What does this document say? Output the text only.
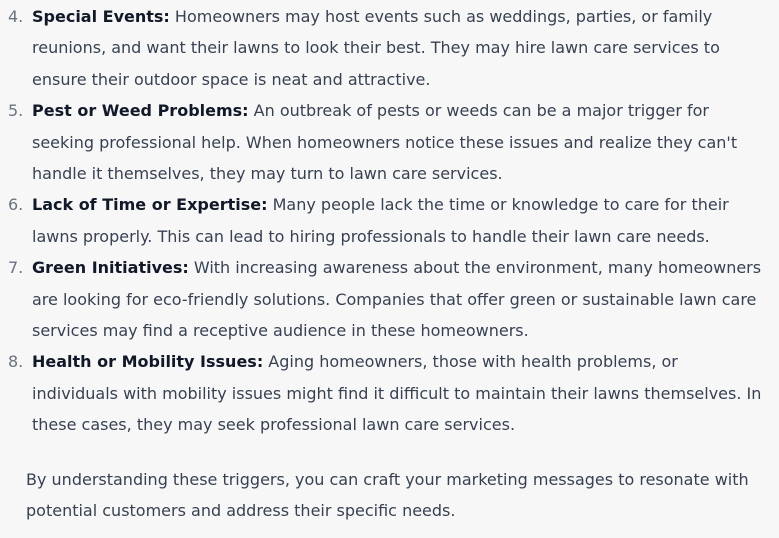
4. Special Events: Homeowners may host events such as weddings, parties, or family reunions, and want their lawns to look their best. They may hire lawn care services to ensure their outdoor space is neat and attractive.
5. Pest or Weed Problems: An outbreak of pests or weeds can be a major trigger for seeking professional help. When homeowners notice these issues and realize they can't handle it themselves, they may turn to lawn care services.
6. Lack of Time or Expertise: Many people lack the time or knowledge to care for their lawns properly. This can lead to hiring professionals to handle their lawn care needs.
7. Green Initiatives: With increasing awareness about the environment, many homeowners are looking for eco-friendly solutions. Companies that offer green or sustainable lawn care services may find a receptive audience in these homeowners.
8. Health or Mobility Issues: Aging homeowners, those with health problems, or individuals with mobility issues might find it difficult to maintain their lawns themselves. In these cases, they may seek professional lawn care services.

By understanding these triggers, you can craft your marketing messages to resonate with potential customers and address their specific needs.
